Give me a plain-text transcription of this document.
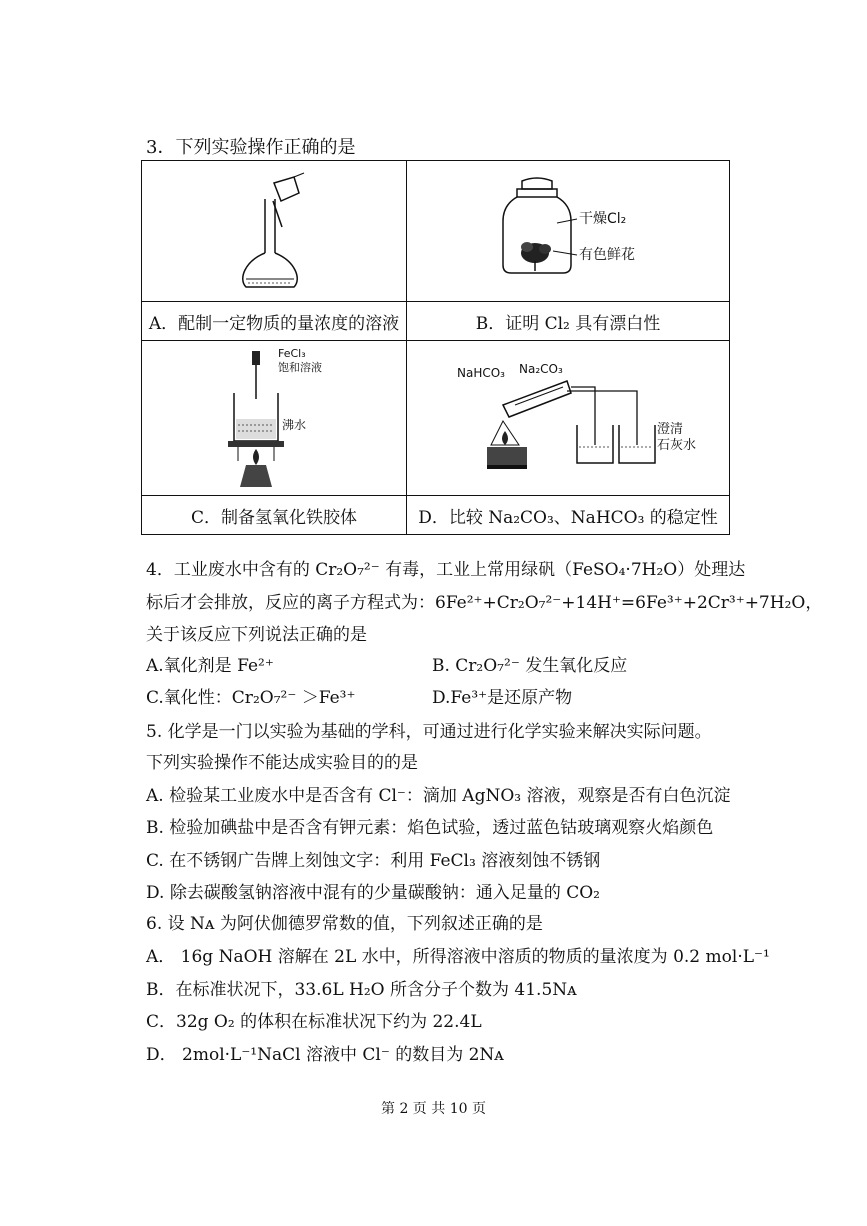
3．下列实验操作正确的是

干燥Cl₂
有色鲜花

A．配制一定物质的量浓度的溶液	B．证明 Cl₂ 具有漂白性

FeCl₃
饱和溶液
沸水	NaHCO₃ Na₂CO₃
澄清
石灰水

C．制备氢氧化铁胶体	D．比较 Na₂CO₃、NaHCO₃ 的稳定性
4．工业废水中含有的 Cr₂O₇²⁻ 有毒，工业上常用绿矾（FeSO₄·7H₂O）处理达
标后才会排放，反应的离子方程式为：6Fe²⁺+Cr₂O₇²⁻+14H⁺=6Fe³⁺+2Cr³⁺+7H₂O，
关于该反应下列说法正确的是
A.氧化剂是 Fe²⁺	B. Cr₂O₇²⁻ 发生氧化反应
C.氧化性：Cr₂O₇²⁻ ＞Fe³⁺	D.Fe³⁺是还原产物
5. 化学是一门以实验为基础的学科，可通过进行化学实验来解决实际问题。
下列实验操作不能达成实验目的的是
A. 检验某工业废水中是否含有 Cl⁻：滴加 AgNO₃ 溶液，观察是否有白色沉淀
B. 检验加碘盐中是否含有钾元素：焰色试验，透过蓝色钴玻璃观察火焰颜色
C. 在不锈钢广告牌上刻蚀文字：利用 FeCl₃ 溶液刻蚀不锈钢
D. 除去碳酸氢钠溶液中混有的少量碳酸钠：通入足量的 CO₂
6. 设 Nᴀ 为阿伏伽德罗常数的值，下列叙述正确的是
A． 16g NaOH 溶解在 2L 水中，所得溶液中溶质的物质的量浓度为 0.2 mol·L⁻¹
B．在标准状况下，33.6L H₂O 所含分子个数为 41.5Nᴀ
C．32g O₂ 的体积在标准状况下约为 22.4L
D． 2mol·L⁻¹NaCl 溶液中 Cl⁻ 的数目为 2Nᴀ
第 2 页 共 10 页
